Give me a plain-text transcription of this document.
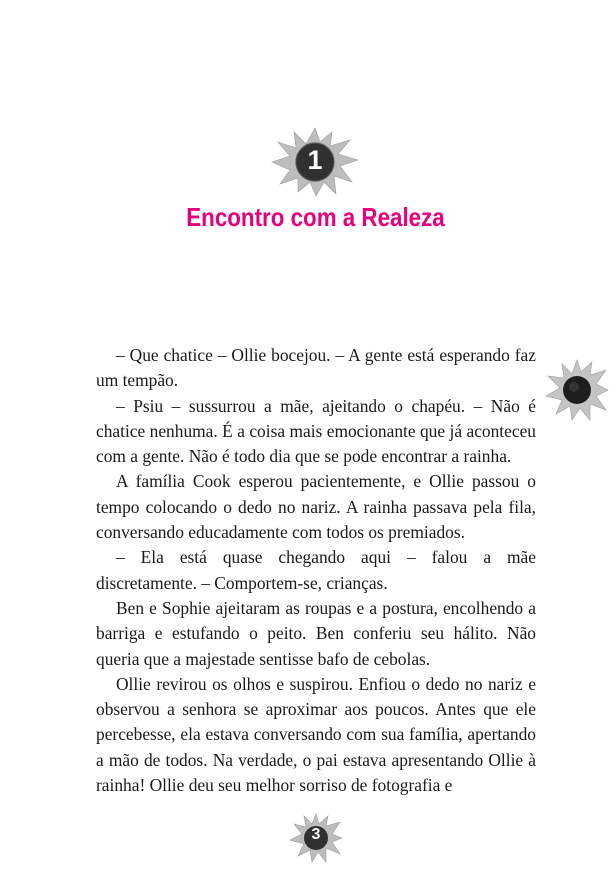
1
Encontro com a Realeza

– Que chatice – Ollie bocejou. – A gente está esperando faz um tempão.

– Psiu – sussurrou a mãe, ajeitando o chapéu. – Não é chatice nenhuma. É a coisa mais emocionante que já aconteceu com a gente. Não é todo dia que se pode encontrar a rainha.

A família Cook esperou pacientemente, e Ollie passou o tempo colocando o dedo no nariz. A rainha passava pela fila, conversando educadamente com todos os premiados.

– Ela está quase chegando aqui – falou a mãe discretamente. – Comportem-se, crianças.

Ben e Sophie ajeitaram as roupas e a postura, encolhendo a barriga e estufando o peito. Ben conferiu seu hálito. Não queria que a majestade sentisse bafo de cebolas.

Ollie revirou os olhos e suspirou. Enfiou o dedo no nariz e observou a senhora se aproximar aos poucos. Antes que ele percebesse, ela estava conversando com sua família, apertando a mão de todos. Na verdade, o pai estava apresentando Ollie à rainha! Ollie deu seu melhor sorriso de fotografia e

3
